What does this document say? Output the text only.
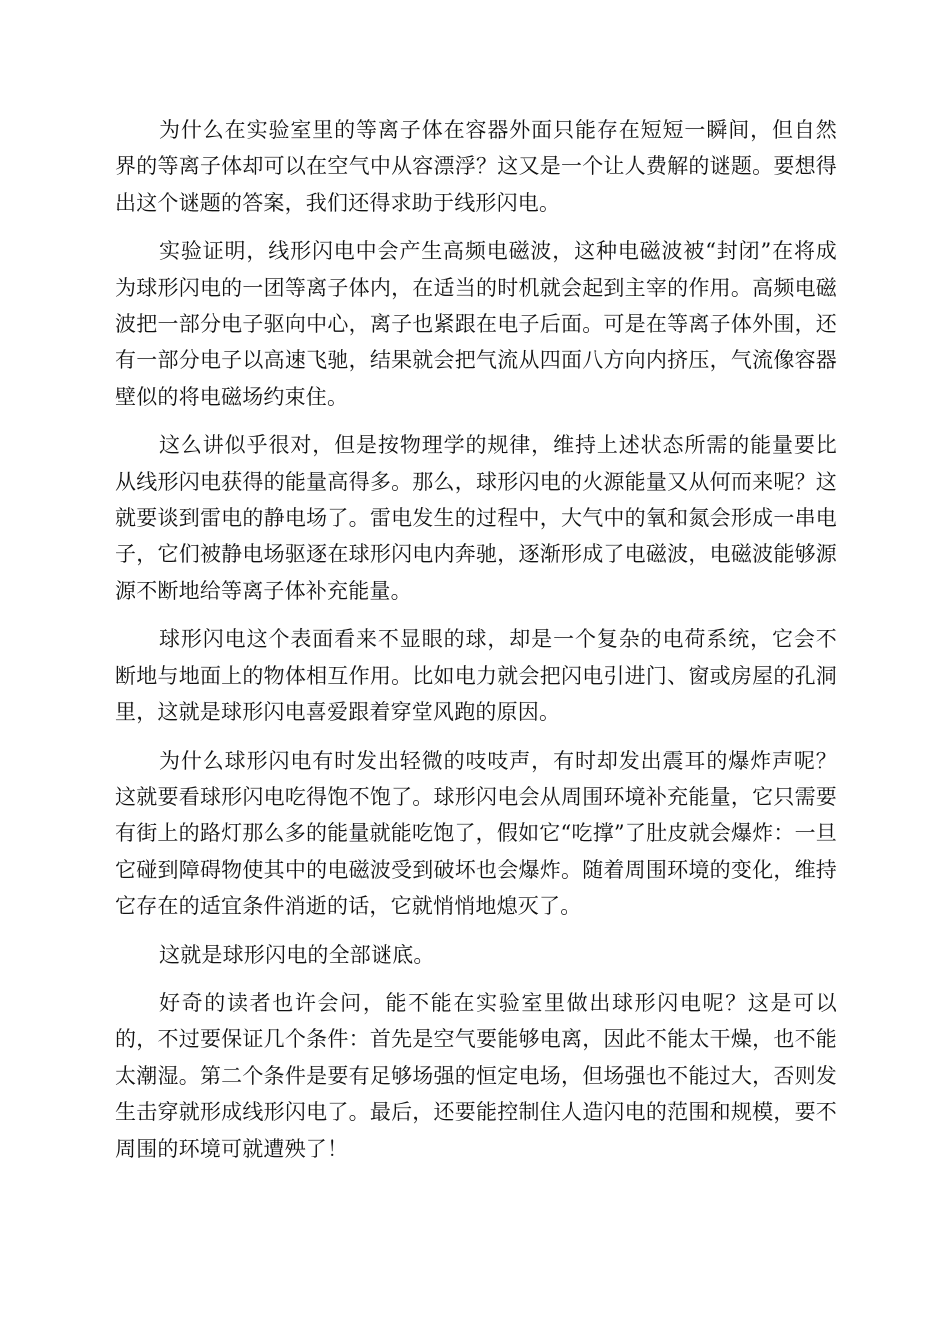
为什么在实验室里的等离子体在容器外面只能存在短短一瞬间，但自然界的等离子体却可以在空气中从容漂浮？这又是一个让人费解的谜题。要想得出这个谜题的答案，我们还得求助于线形闪电。

实验证明，线形闪电中会产生高频电磁波，这种电磁波被“封闭”在将成为球形闪电的一团等离子体内，在适当的时机就会起到主宰的作用。高频电磁波把一部分电子驱向中心，离子也紧跟在电子后面。可是在等离子体外围，还有一部分电子以高速飞驰，结果就会把气流从四面八方向内挤压，气流像容器壁似的将电磁场约束住。

这么讲似乎很对，但是按物理学的规律，维持上述状态所需的能量要比从线形闪电获得的能量高得多。那么，球形闪电的火源能量又从何而来呢？这就要谈到雷电的静电场了。雷电发生的过程中，大气中的氧和氮会形成一串电子，它们被静电场驱逐在球形闪电内奔驰，逐渐形成了电磁波，电磁波能够源源不断地给等离子体补充能量。

球形闪电这个表面看来不显眼的球，却是一个复杂的电荷系统，它会不断地与地面上的物体相互作用。比如电力就会把闪电引进门、窗或房屋的孔洞里，这就是球形闪电喜爱跟着穿堂风跑的原因。

为什么球形闪电有时发出轻微的吱吱声，有时却发出震耳的爆炸声呢？这就要看球形闪电吃得饱不饱了。球形闪电会从周围环境补充能量，它只需要有街上的路灯那么多的能量就能吃饱了，假如它“吃撑”了肚皮就会爆炸：一旦它碰到障碍物使其中的电磁波受到破坏也会爆炸。随着周围环境的变化，维持它存在的适宜条件消逝的话，它就悄悄地熄灭了。

这就是球形闪电的全部谜底。

好奇的读者也许会问，能不能在实验室里做出球形闪电呢？这是可以的，不过要保证几个条件：首先是空气要能够电离，因此不能太干燥，也不能太潮湿。第二个条件是要有足够场强的恒定电场，但场强也不能过大，否则发生击穿就形成线形闪电了。最后，还要能控制住人造闪电的范围和规模，要不周围的环境可就遭殃了！
